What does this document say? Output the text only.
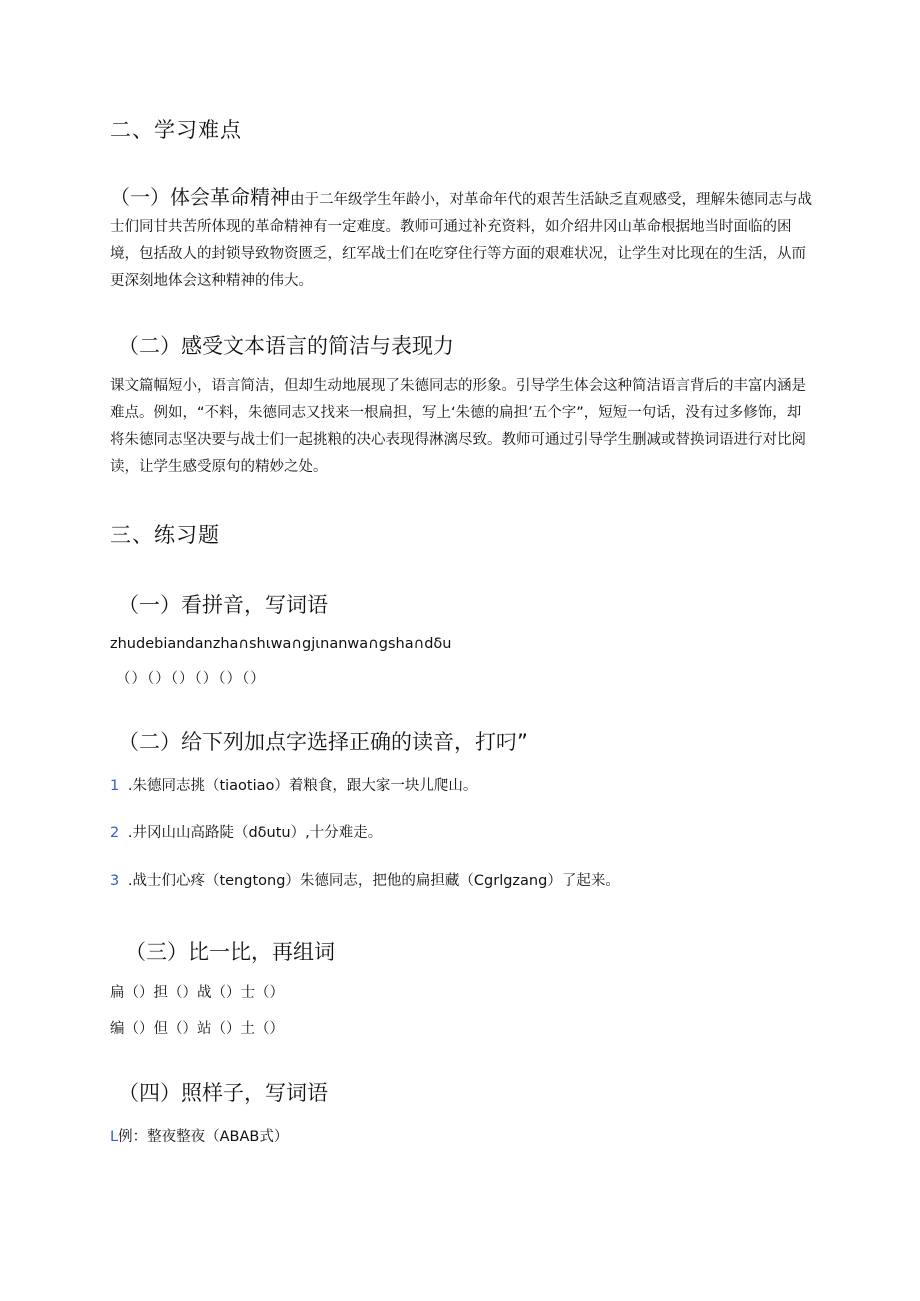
二、学习难点
（一）体会革命精神由于二年级学生年龄小，对革命年代的艰苦生活缺乏直观感受，理解朱德同志与战士们同甘共苦所体现的革命精神有一定难度。教师可通过补充资料，如介绍井冈山革命根据地当时面临的困境，包括敌人的封锁导致物资匮乏，红军战士们在吃穿住行等方面的艰难状况，让学生对比现在的生活，从而更深刻地体会这种精神的伟大。
（二）感受文本语言的简洁与表现力
课文篇幅短小，语言简洁，但却生动地展现了朱德同志的形象。引导学生体会这种简洁语言背后的丰富内涵是难点。例如，“不料，朱德同志又找来一根扁担，写上‘朱德的扁担’五个字”，短短一句话，没有过多修饰，却将朱德同志坚决要与战士们一起挑粮的决心表现得淋漓尽致。教师可通过引导学生删减或替换词语进行对比阅读，让学生感受原句的精妙之处。
三、练习题
（一）看拼音，写词语
zhudebiandanzha∩shιwa∩gjιnanwa∩gsha∩dδu
（）（）（）（）（）（）
（二）给下列加点字选择正确的读音，打叼”
1 .朱德同志挑（tiaotiao）着粮食，跟大家一块儿爬山。
2 .井冈山山高路陡（dδutu）,十分难走。
3 .战士们心疼（tengtong）朱德同志，把他的扁担藏（Cgrlgzang）了起来。
（三）比一比，再组词
扁（）担（）战（）士（）
编（）但（）站（）土（）
（四）照样子，写词语
L例：整夜整夜（ABAB式）
